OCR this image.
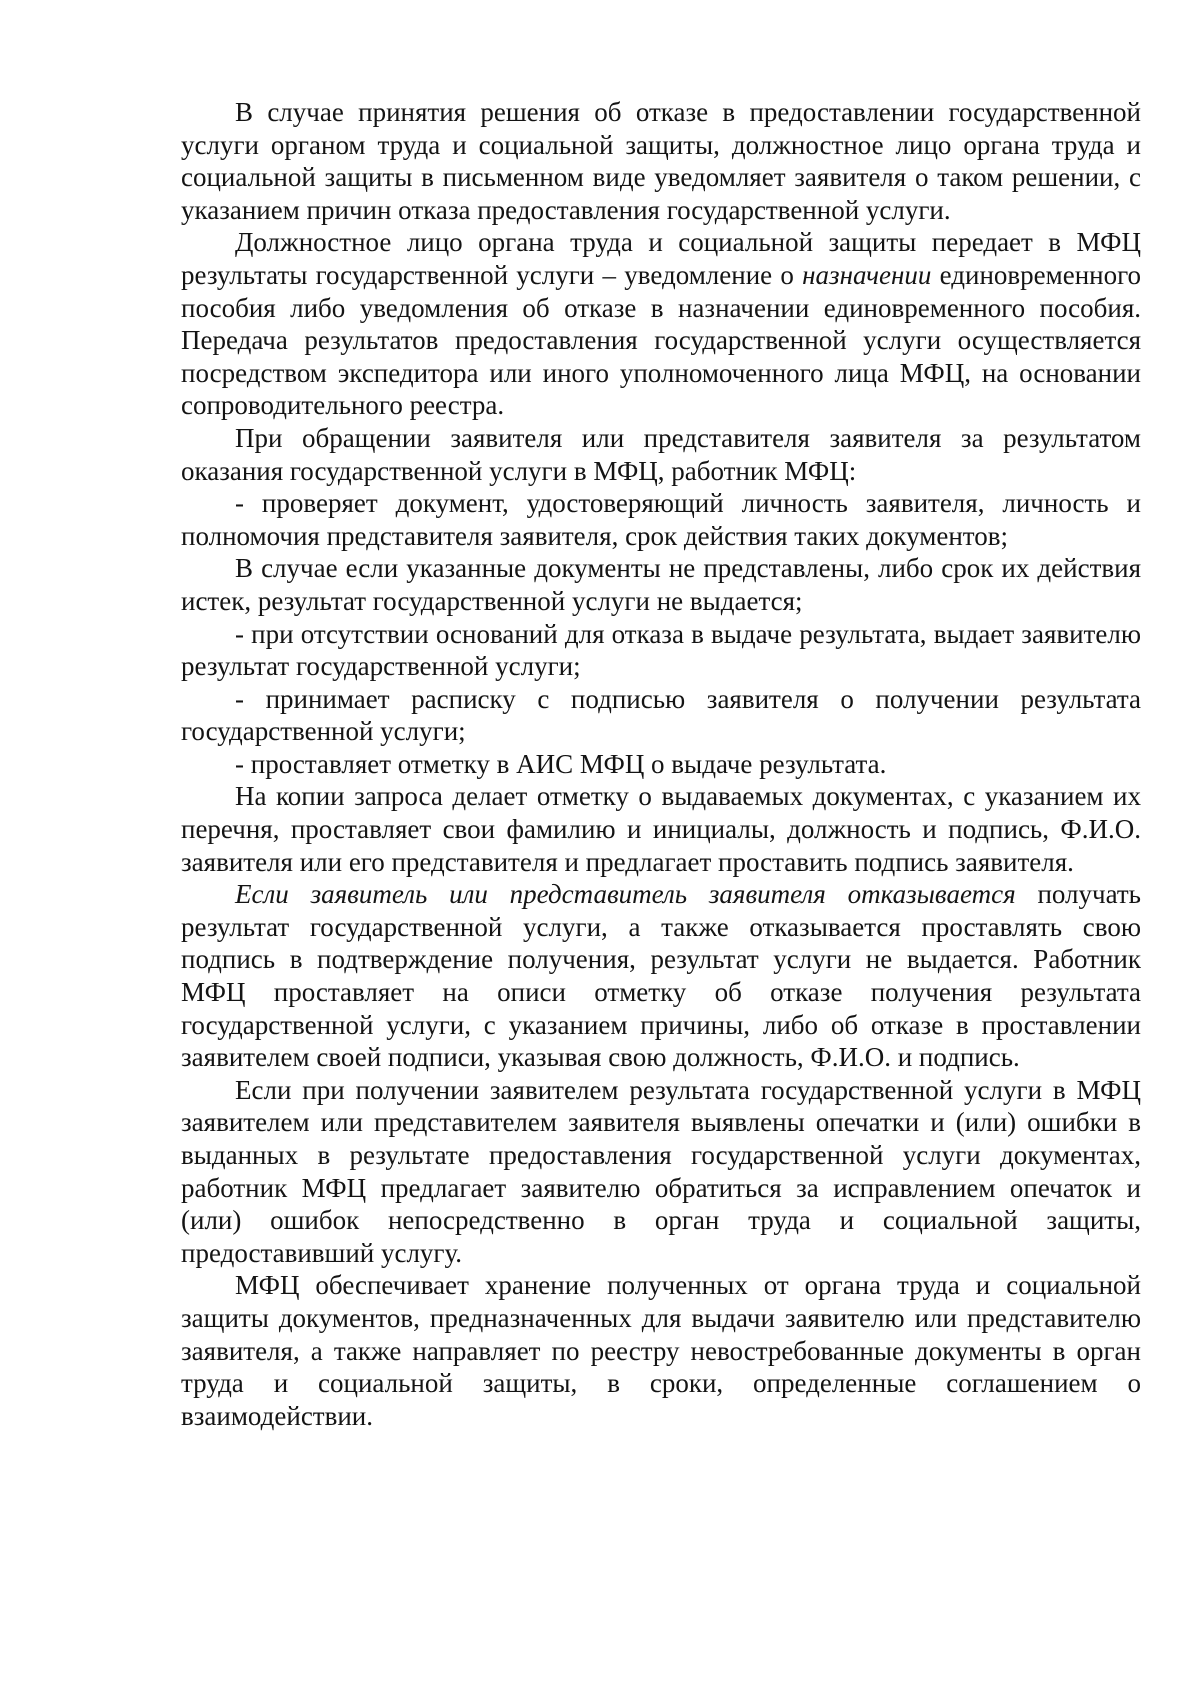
В случае принятия решения об отказе в предоставлении государственной услуги органом труда и социальной защиты, должностное лицо органа труда и социальной защиты в письменном виде уведомляет заявителя о таком решении, с указанием причин отказа предоставления государственной услуги.

Должностное лицо органа труда и социальной защиты передает в МФЦ результаты государственной услуги – уведомление о назначении единовременного пособия либо уведомления об отказе в назначении единовременного пособия. Передача результатов предоставления государственной услуги осуществляется посредством экспедитора или иного уполномоченного лица МФЦ, на основании сопроводительного реестра.

При обращении заявителя или представителя заявителя за результатом оказания государственной услуги в МФЦ, работник МФЦ:

- проверяет документ, удостоверяющий личность заявителя, личность и полномочия представителя заявителя, срок действия таких документов;

В случае если указанные документы не представлены, либо срок их действия истек, результат государственной услуги не выдается;

- при отсутствии оснований для отказа в выдаче результата, выдает заявителю результат государственной услуги;

- принимает расписку с подписью заявителя о получении результата государственной услуги;

- проставляет отметку в АИС МФЦ о выдаче результата.

На копии запроса делает отметку о выдаваемых документах, с указанием их перечня, проставляет свои фамилию и инициалы, должность и подпись, Ф.И.О. заявителя или его представителя и предлагает проставить подпись заявителя.

Если заявитель или представитель заявителя отказывается получать результат государственной услуги, а также отказывается проставлять свою подпись в подтверждение получения, результат услуги не выдается. Работник МФЦ проставляет на описи отметку об отказе получения результата государственной услуги, с указанием причины, либо об отказе в проставлении заявителем своей подписи, указывая свою должность, Ф.И.О. и подпись.

Если при получении заявителем результата государственной услуги в МФЦ заявителем или представителем заявителя выявлены опечатки и (или) ошибки в выданных в результате предоставления государственной услуги документах, работник МФЦ предлагает заявителю обратиться за исправлением опечаток и (или) ошибок непосредственно в орган труда и социальной защиты, предоставивший услугу.

МФЦ обеспечивает хранение полученных от органа труда и социальной защиты документов, предназначенных для выдачи заявителю или представителю заявителя, а также направляет по реестру невостребованные документы в орган труда и социальной защиты, в сроки, определенные соглашением о взаимодействии.
